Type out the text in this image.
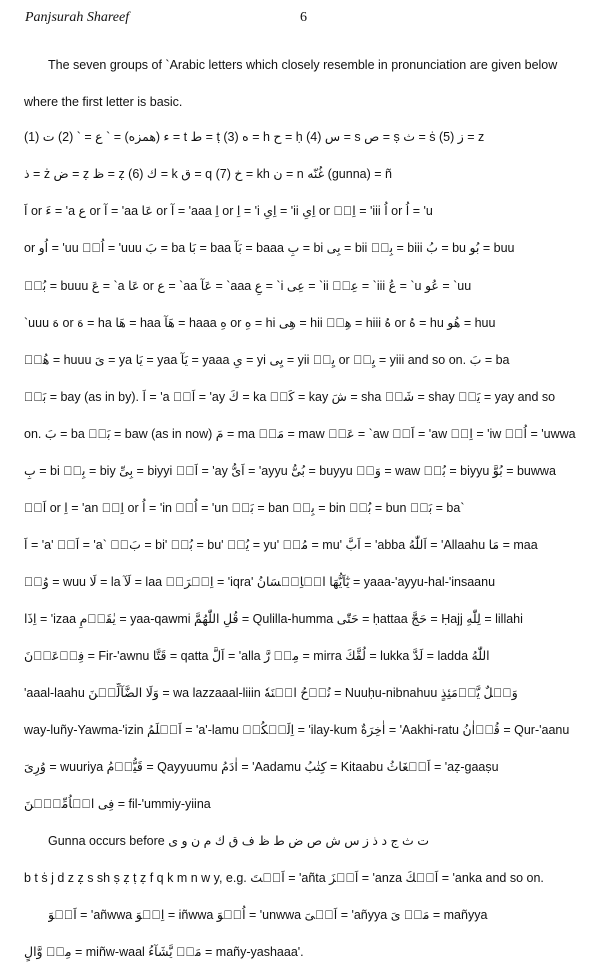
Panjsurah Shareef	6
The seven groups of `Arabic letters which closely resemble in pronunciation are given below
where the first letter is basic.
(1) ء (همزه) = ` ع = ` (2) ت = t ط = ṭ (3) ه = h ح = ḥ (4) س = s ص = ṣ ث = ṡ (5) ز = z
ذ = ż ض = ẓ ظ = ẓ (6) ك = k ق = q (7) خ = kh ن = n غُنّه (gunna) = ñ
اَ or ءَ = 'a ع or آ = 'aa عَا or آ = 'aaa اِ or اِ = 'i اِیِ = 'ii اِیِ or اِیۡ = 'iii اُ or اُ = 'u
or اُو = 'uu اُوۡ = 'uuu بَ = ba بَا = baa بَآ = baaa بِ = bi بِی = bii بِیۡ = biii بُ = bu بُو = buu
بُوۡ = buuu عَ = `a عَا or ع = `aa عَآ = `aaa عِ = `i عِی = `ii عِیۡ = `iii عُ = `u عُو = `uu
`uuu هَ or هَ = ha هَا = haa هَآ = haaa هِ or هِ = hi هِی = hii هِیۡ = hiii هُ or هُ = hu هُو = huu
هُوۡ = huuu یَ = ya یَا = yaa یَآ = yaaa یِ = yi یِی = yii یِیۡ or یِیۡ = yiii and so on. بَ = ba
بَیۡ = bay (as in by). اَ = 'a اَیۡ = 'ay كَ = ka كَیۡ = kay شَ = sha شَیۡ = shay یَیۡ = yay and so
on. بَ = ba بَوۡ = baw (as in now) مَ = ma مَوۡ = maw عَوۡ = `aw اَوۡ = 'aw اِوۡ = 'iw اُوۡ = 'uwwa
بِ = bi بِیۡ = biy بِیِّ = biyyi اَیۡ = 'ay اَیُّ = 'ayyu بُیُّ = buyyu وَوۡ = waw بُیۡ = biyyu بُوَّ = buwwa
اَنۡ or اِ = 'an اِنۡ or اُ = 'in اُنۡ = 'un بَنۡ = ban بِنۡ = bin بُنۡ = bun بَعۡ = ba`
اَ = 'a' اَعۡ = 'a` بَءۡ = bi' بُوۡ = bu' یُوۡ = yu' مُوۡ = mu' اَبَّ = 'abba اَللّٰهُ = 'Allaahu مَا = maa
وُوۡ = wuu لَا = la لَآ = laa اِقۡرَءۡ = 'iqra' یٰٓاَیُّهَا الۡاِنۡسَانُ = yaaa-'ayyu-hal-'insaanu
اِذَا = 'izaa یٰقَوۡمِ = yaa-qawmi قُلِ اللّٰهُمَّ = Qulilla-humma حَتّٰی = ḥattaa حَجَّ = Ḥajj لِلّٰهِ = lillahi
فِرۡعَوۡنَ = Fir-'awnu قَتَّا = qatta اَلَّ = 'alla مِنۡ رَّ = mirra لُقَّكَ = lukka لَدَّ = ladda اللّٰهُ
'aaal-laahu وَلَا الضَّآلِّیۡنَ = wa lazzaaal-liiin نُوۡحُ ابۡنَهٗ = Nuuḥu-nibnahuu وَیۡلٌ یَّوۡمَئِذٍ
way-luñy-Yawma-'izin اَعۡلَمُ = 'a'-lamu اِلَیۡكُمۡ = 'ilay-kum اٰخِرَةٌ = 'Aakhi-ratu قُرۡاٰنُ = Qur-'aanu
وُرِیَ = wuuriya قَیُّوۡمُ = Qayyuumu اٰدَمُ = 'Aadamu كِتٰبُ = Kitaabu اَضۡغَاثُ = 'aẓ-gaaṣu
فِی الۡاُمِّیّٖنَ = fil-'ummiy-yiina
Gunna occurs before ت ث ج د ذ ز س ش ص ض ط ظ ف ق ك م ن و ی
b t ṡ j d z ẓ s sh ṣ ẓ ṭ ẓ f q k m n w y, e.g. اَنۡتَ = 'añta اَنۡزَ = 'anza اَنۡكَ = 'anka and so on.
اَنۡوَ = 'añwwa اِنۡوَ = iñwwa اُنۡوَ = 'unwwa اَنۡیَ = 'añyya مَنۡ یَ = mañyya
مِنۡ وَّالٍ = miñw-waal مَنۡ یَّشَآءُ = mañy-yashaaa'.
